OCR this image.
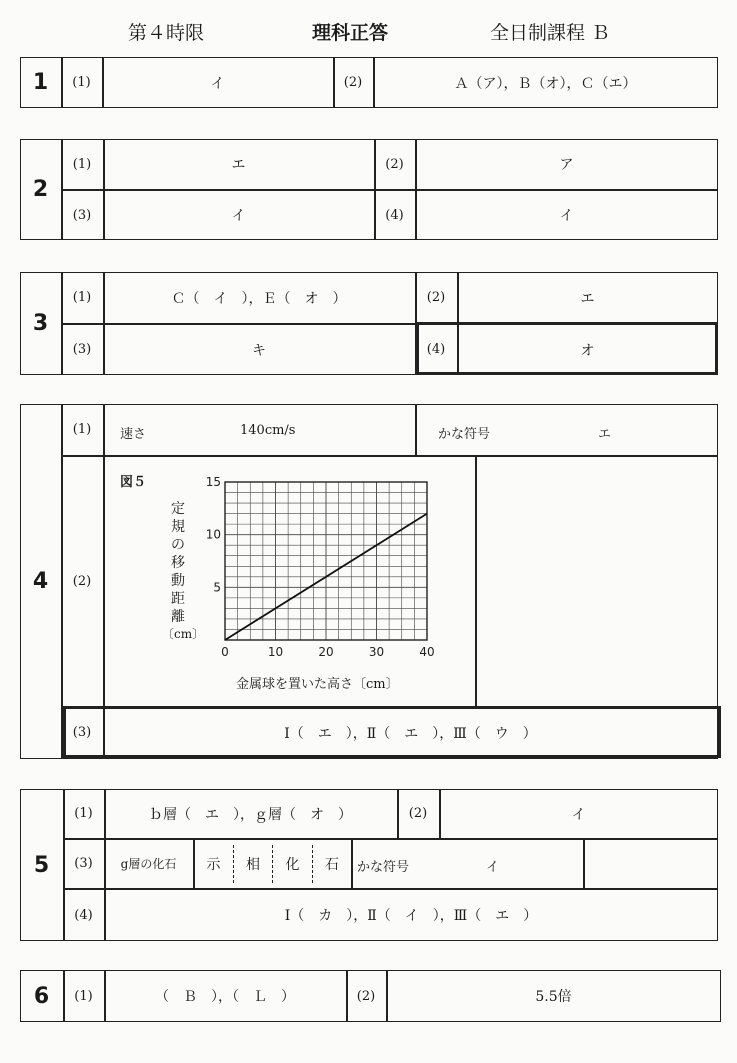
第４時限	理科正答	全日制課程 Ｂ
1	(1)	イ	(2)	Ａ（ア），Ｂ（オ），Ｃ（エ）
2
(1)	エ	(2)	ア
(3)	イ	(4)	イ
3
(1)	Ｃ（　イ　），Ｅ（　オ　）	(2)	エ
(3)	キ	(4)	オ
4
(1)	速さ	140cm/s	かな符号	エ
(2)
図５
定
規
の
移
動
距
離
〔cm〕
0	10	20	30	40
5
10
15
金属球を置いた高さ〔cm〕
(3)	Ⅰ（　エ　），Ⅱ（　エ　），Ⅲ（　ウ　）
5
(1)	ｂ層（　エ　），ｇ層（　オ　）	(2)	イ
(3)	g層の化石	示	相	化	石	かな符号	イ
(4)	Ⅰ（　カ　），Ⅱ（　イ　），Ⅲ（　エ　）
6	(1)	（　Ｂ　），（　Ｌ　）	(2)	5.5倍
